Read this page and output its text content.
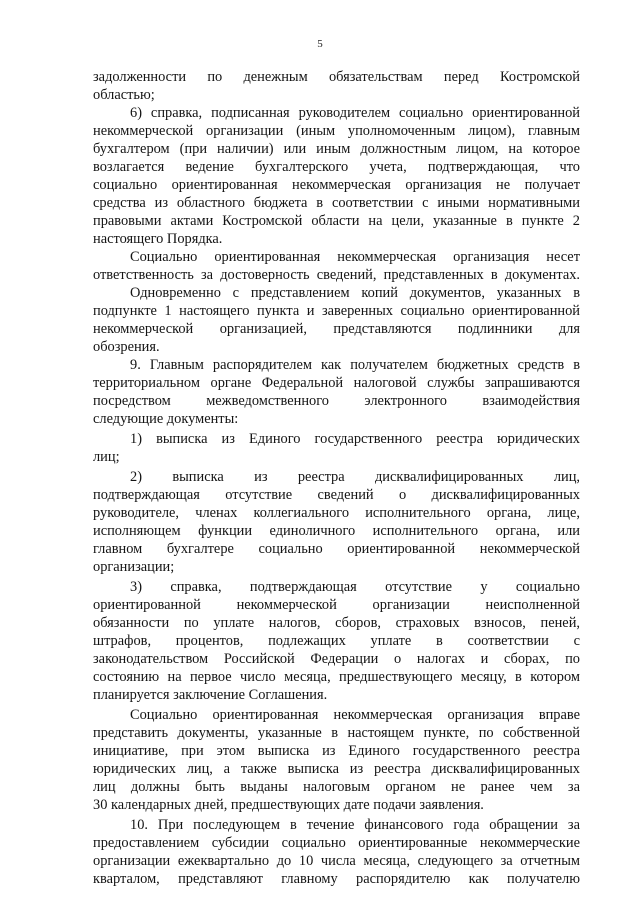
5
задолженности по денежным обязательствам перед Костромской
областью;
6) справка, подписанная руководителем социально ориентированной
некоммерческой организации (иным уполномоченным лицом), главным
бухгалтером (при наличии) или иным должностным лицом, на которое
возлагается ведение бухгалтерского учета, подтверждающая, что
социально ориентированная некоммерческая организация не получает
средства из областного бюджета в соответствии с иными нормативными
правовыми актами Костромской области на цели, указанные в пункте 2
настоящего Порядка.
Социально ориентированная некоммерческая организация несет
ответственность за достоверность сведений, представленных в документах.
Одновременно с представлением копий документов, указанных в
подпункте 1 настоящего пункта и заверенных социально ориентированной
некоммерческой организацией, представляются подлинники для
обозрения.
9. Главным распорядителем как получателем бюджетных средств в
территориальном органе Федеральной налоговой службы запрашиваются
посредством межведомственного электронного взаимодействия
следующие документы:
1) выписка из Единого государственного реестра юридических
лиц;
2) выписка из реестра дисквалифицированных лиц,
подтверждающая отсутствие сведений о дисквалифицированных
руководителе, членах коллегиального исполнительного органа, лице,
исполняющем функции единоличного исполнительного органа, или
главном бухгалтере социально ориентированной некоммерческой
организации;
3) справка, подтверждающая отсутствие у социально
ориентированной некоммерческой организации неисполненной
обязанности по уплате налогов, сборов, страховых взносов, пеней,
штрафов, процентов, подлежащих уплате в соответствии с
законодательством Российской Федерации о налогах и сборах, по
состоянию на первое число месяца, предшествующего месяцу, в котором
планируется заключение Соглашения.
Социально ориентированная некоммерческая организация вправе
представить документы, указанные в настоящем пункте, по собственной
инициативе, при этом выписка из Единого государственного реестра
юридических лиц, а также выписка из реестра дисквалифицированных
лиц должны быть выданы налоговым органом не ранее чем за
30 календарных дней, предшествующих дате подачи заявления.
10. При последующем в течение финансового года обращении за
предоставлением субсидии социально ориентированные некоммерческие
организации ежеквартально до 10 числа месяца, следующего за отчетным
кварталом, представляют главному распорядителю как получателю
